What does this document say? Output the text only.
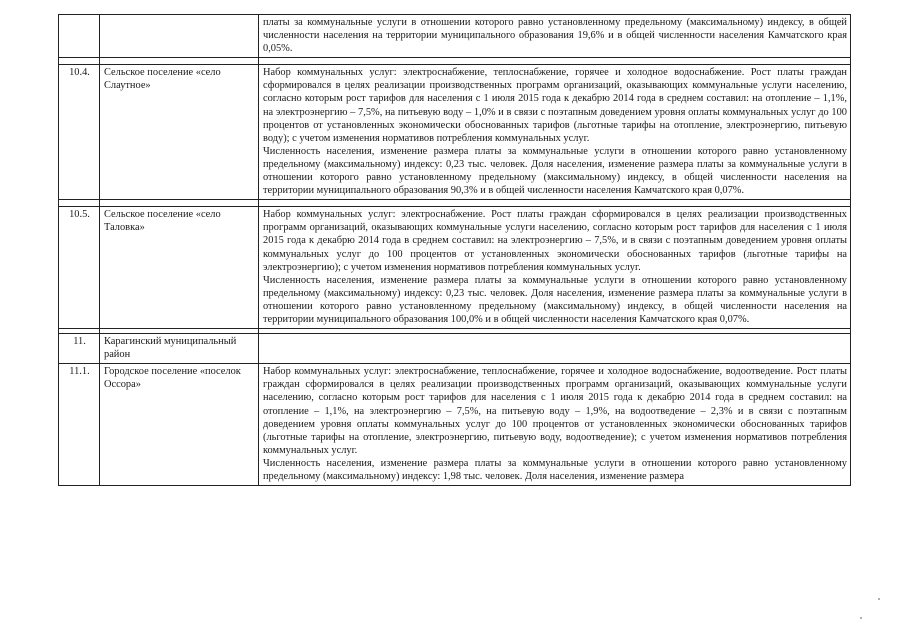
		платы за коммунальные услуги в отношении которого равно установленному предельному (максимальному) индексу, в общей численности населения на территории муниципального образования 19,6% и в общей численности населения Камчатского края 0,05%.

10.4.	Сельское поселение «село Слаутное»	Набор коммунальных услуг: электроснабжение, теплоснабжение, горячее и холодное водоснабжение. Рост платы граждан сформировался в целях реализации производственных программ организаций, оказывающих коммунальные услуги населению, согласно которым рост тарифов для населения с 1 июля 2015 года к декабрю 2014 года в среднем составил: на отопление – 1,1%, на электроэнергию – 7,5%, на питьевую воду – 1,0% и в связи с поэтапным доведением уровня оплаты коммунальных услуг до 100 процентов от установленных экономически обоснованных тарифов (льготные тарифы на отопление, электроэнергию, питьевую воду); с учетом изменения нормативов потребления коммунальных услуг.
Численность населения, изменение размера платы за коммунальные услуги в отношении которого равно установленному предельному (максимальному) индексу: 0,23 тыс. человек. Доля населения, изменение размера платы за коммунальные услуги в отношении которого равно установленному предельному (максимальному) индексу, в общей численности населения на территории муниципального образования 90,3% и в общей численности населения Камчатского края 0,07%.

10.5.	Сельское поселение «село Таловка»	Набор коммунальных услуг: электроснабжение. Рост платы граждан сформировался в целях реализации производственных программ организаций, оказывающих коммунальные услуги населению, согласно которым рост тарифов для населения с 1 июля 2015 года к декабрю 2014 года в среднем составил: на электроэнергию – 7,5%, и в связи с поэтапным доведением уровня оплаты коммунальных услуг до 100 процентов от установленных экономически обоснованных тарифов (льготные тарифы на электроэнергию); с учетом изменения нормативов потребления коммунальных услуг.
Численность населения, изменение размера платы за коммунальные услуги в отношении которого равно установленному предельному (максимальному) индексу: 0,23 тыс. человек. Доля населения, изменение размера платы за коммунальные услуги в отношении которого равно установленному предельному (максимальному) индексу, в общей численности населения на территории муниципального образования 100,0% и в общей численности населения Камчатского края 0,07%.

11.	Карагинский муниципальный район	
11.1.	Городское поселение «поселок Оссора»	Набор коммунальных услуг: электроснабжение, теплоснабжение, горячее и холодное водоснабжение, водоотведение. Рост платы граждан сформировался в целях реализации производственных программ организаций, оказывающих коммунальные услуги населению, согласно которым рост тарифов для населения с 1 июля 2015 года к декабрю 2014 года в среднем составил: на отопление – 1,1%, на электроэнергию – 7,5%, на питьевую воду – 1,9%, на водоотведение – 2,3% и в связи с поэтапным доведением уровня оплаты коммунальных услуг до 100 процентов от установленных экономически обоснованных тарифов (льготные тарифы на отопление, электроэнергию, питьевую воду, водоотведение); с учетом изменения нормативов потребления коммунальных услуг.
Численность населения, изменение размера платы за коммунальные услуги в отношении которого равно установленному предельному (максимальному) индексу: 1,98 тыс. человек. Доля населения, изменение размера
